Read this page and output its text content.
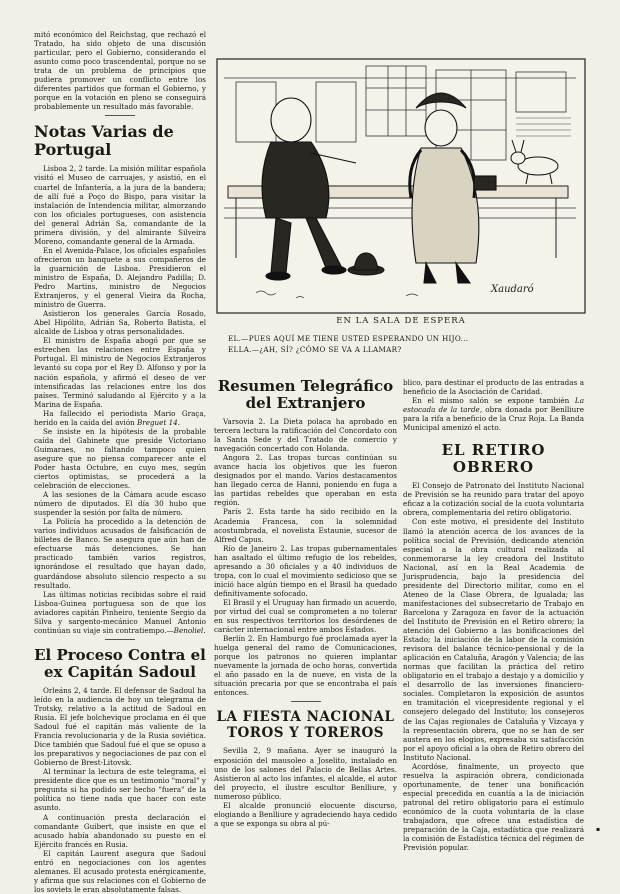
mitó económico del Reichstag, que rechazó el Tratado, ha sido objeto de una discusión particular, pero el Gobierno, considerando el asunto como poco trascendental, porque no se trata de un problema de principios que pudiera promover un conflicto entre los diferentes partidos que forman el Gobierno, y porque en la votación en pleno se conseguirá probablemente un resultado más favorable.

Notas Varias de Portugal

Lisboa 2, 2 tarde. La misión militar española visitó el Museo de carruajes, y asistió, en el cuartel de Infantería, a la jura de la bandera; de allí fué a Poço do Bispo, para visitar la instalación de Intendencia militar, almorzando con los oficiales portugueses, con asistencia del general Adrián Sa, comandante de la primera división, y del almirante Silveira Moreno, comandante general de la Armada.

En el Avenida-Palace, los oficiales españoles ofrecieron un banquete a sus compañeros de la guarnición de Lisboa. Presidieron el ministro de España, D. Alejandro Padilla; D. Pedro Martins, ministro de Negocios Extranjeros, y el general Vieira da Rocha, ministro de Guerra.

Asistieron los generales García Rosado, Abel Hipólito, Adrián Sa, Roberto Batista, el alcalde de Lisboa y otras personalidades.

El ministro de España abogó por que se estrechen las relaciones entre España y Portugal. El ministro de Negocios Extranjeros levantó su copa por el Rey D. Alfonso y por la nación española, y afirmó el deseo de ver intensificadas las relaciones entre los dos países. Terminó saludando al Ejército y a la Marina de España.

Ha fallecido el periodista Mario Graça, herido en la caída del avión Breguet 14.

Se insiste en la hipótesis de la probable caída del Gabinete que preside Victoriano Guimaraes, no faltando tampoco quien asegure que no piensa comparecer ante el Poder hasta Octubre, en cuyo mes, según ciertos optimistas, se procederá a la celebración de elecciones.

A las sesiones de la Cámara acude escaso número de diputados. El día 30 hubo que suspender la sesión por falta de número.

La Policía ha procedido a la detención de varios individuos acusados de falsificación de billetes de Banco. Se asegura que aún han de efectuarse más detenciones. Se han practicado también varios registros, ignorándose el resultado que hayan dado, guardándose absoluto silencio respecto a su resultado.

Las últimas noticias recibidas sobre el raid Lisboa-Guinea portuguesa son de que los aviadores capitán Pinheiro, teniente Sergio da Silva y sargento-mecánico Manuel Antonio continúan su viaje sin contratiempo.—Benoliel.

El Proceso Contra el ex Capitán Sadoul

Orleáns 2, 4 tarde. El defensor de Sadoul ha leído en la audiencia de hoy un telegrama de Trotsky, relativo a la actitud de Sadoul en Rusia. El jefe bolchevique proclama en él que Sadoul fué el capitán más valiente de la Francia revolucionaria y de la Rusia soviética. Dice también que Sadoul fué el que se opuso a los preparativos y negociaciones de paz con el Gobierno de Brest-Litovsk.

Al terminar la lectura de este telegrama, el presidente dice que es un testimonio "moral" y pregunta si ha podido ser hecho "fuera" de la política no tiene nada que hacer con este asunto.

A continuación presta declaración el comandante Guibert, que insiste en que el acusado había abandonado su puesto en el Ejército francés en Rusia.

El capitán Laurent asegura que Sadoul entró en negociaciones con los agentes alemanes. El acusado protesta enérgicamente, y afirma que sus relaciones con el Gobierno de los soviets le eran absolutamente falsas.

Xaudaró
EN LA SALA DE ESPERA
EL.—PUES AQUÍ ME TIENE USTED ESPERANDO UN HIJO...
ELLA.—¿AH, SÍ? ¿CÓMO SE VA A LLAMAR?
Resumen Telegráfico del Extranjero

Varsovia 2. La Dieta polaca ha aprobado en tercera lectura la ratificación del Concordato con la Santa Sede y del Tratado de comercio y navegación concertado con Holanda.

Angora 2. Las tropas turcas continúan su avance hacia los objetivos que les fueron designados por el mando. Varios destacamentos han llegado cerca de Hanni, poniendo en fuga a las partidas rebeldes que operaban en esta región.

París 2. Esta tarde ha sido recibido en la Academia Francesa, con la solemnidad acostumbrada, el novelista Estaunie, sucesor de Alfred Capus.

Río de Janeiro 2. Las tropas gubernamentales han asaltado el último refugio de los rebeldes, apresando a 30 oficiales y a 40 individuos de tropa, con lo cual el movimiento sedicioso que se inició hace algún tiempo en el Brasil ha quedado definitivamente sofocado.

El Brasil y el Uruguay han firmado un acuerdo, por virtud del cual se comprometen a no tolerar en sus respectivos territorios los desórdenes de carácter internacional entre ambos Estados.

Berlín 2. En Hamburgo fué proclamada ayer la huelga general del ramo de Comunicaciones, porque los patronos no quieren implantar nuevamente la jornada de ocho horas, convertida el año pasado en la de nueve, en vista de la situación precaria por que se encontraba el país entonces.

LA FIESTA NACIONAL
TOROS Y TOREROS

Sevilla 2, 9 mañana. Ayer se inauguró la exposición del mausoleo a Joselito, instalado en uno de los salones del Palacio de Bellas Artes. Asistieron al acto los infantes, el alcalde, el autor del proyecto, el ilustre escultor Benlliure, y numeroso público.

El alcalde pronunció elocuente discurso, elogiando a Benlliure y agradeciendo haya cedido a que se exponga su obra al pú-

blico, para destinar el producto de las entradas a beneficio de la Asociación de Caridad.

En el mismo salón se expone también La estocada de la tarde, obra donada por Benlliure para la rifa a beneficio de la Cruz Roja. La Banda Municipal amenizó el acto.

EL RETIRO OBRERO

El Consejo de Patronato del Instituto Nacional de Previsión se ha reunido para tratar del apoyo eficaz a la cotización social de la cuota voluntaria obrera, complementaria del retiro obligatorio.

Con este motivo, el presidente del Instituto llamó la atención acerca de los avances de la política social de Previsión, dedicando atención especial a la obra cultural realizada al conmemorarse la ley creadora del Instituto Nacional, así en la Real Academia de Jurisprudencia, bajo la presidencia del presidente del Directorio militar, como en el Ateneo de la Clase Obrera, de Igualada; las manifestaciones del subsecretario de Trabajo en Barcelona y Zaragoza en favor de la actuación del Instituto de Previsión en el Retiro obrero; la atención del Gobierno a las bonificaciones del Estado; la iniciación de la labor de la comisión revisora del balance técnico-pensional y de la aplicación en Cataluña, Aragón y Valencia; de las normas que facilitan la práctica del retiro obligatorio en el trabajo a destajo y a domicilio y el desarrollo de las inversiones financiero-sociales. Completaron la exposición de asuntos en tramitación el vicepresidente regional y el consejero delegado del Instituto; los consejeros de las Cajas regionales de Cataluña y Vizcaya y la representación obrera, que no se han de ser austera en los elogios, expresaba su satisfacción por el apoyo oficial a la obra de Retiro obrero del Instituto Nacional.

Acordóse, finalmente, un proyecto que resuelva la aspiración obrera, condicionada oportunamente, de tener una bonificación especial precedida en cuantía a la de iniciación patronal del retiro obligatorio para el estímulo económico de la cuota voluntaria de la clase trabajadora, que ofrece una estadística de preparación de la Caja, estadística que realizará la comisión de Estadística técnica del régimen de Previsión popular.

▪
